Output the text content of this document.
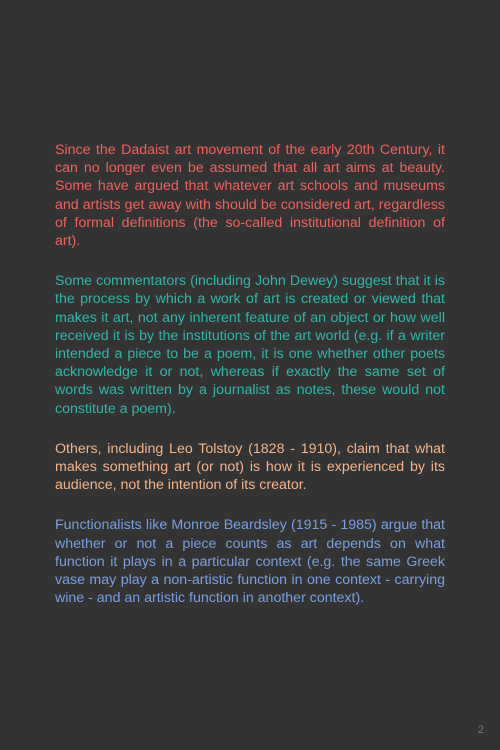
Since the Dadaist art movement of the early 20th Century, it can no longer even be assumed that all art aims at beauty. Some have argued that whatever art schools and museums and artists get away with should be considered art, regardless of formal definitions (the so-called institutional definition of art).

Some commentators (including John Dewey) suggest that it is the process by which a work of art is created or viewed that makes it art, not any inherent feature of an object or how well received it is by the institutions of the art world (e.g. if a writer intended a piece to be a poem, it is one whether other poets acknowledge it or not, whereas if exactly the same set of words was written by a journalist as notes, these would not constitute a poem).

Others, including Leo Tolstoy (1828 - 1910), claim that what makes something art (or not) is how it is experienced by its audience, not the intention of its creator.

Functionalists like Monroe Beardsley (1915 - 1985) argue that whether or not a piece counts as art depends on what function it plays in a particular context (e.g. the same Greek vase may play a non-artistic function in one context - carrying wine - and an artistic function in another context).

2
